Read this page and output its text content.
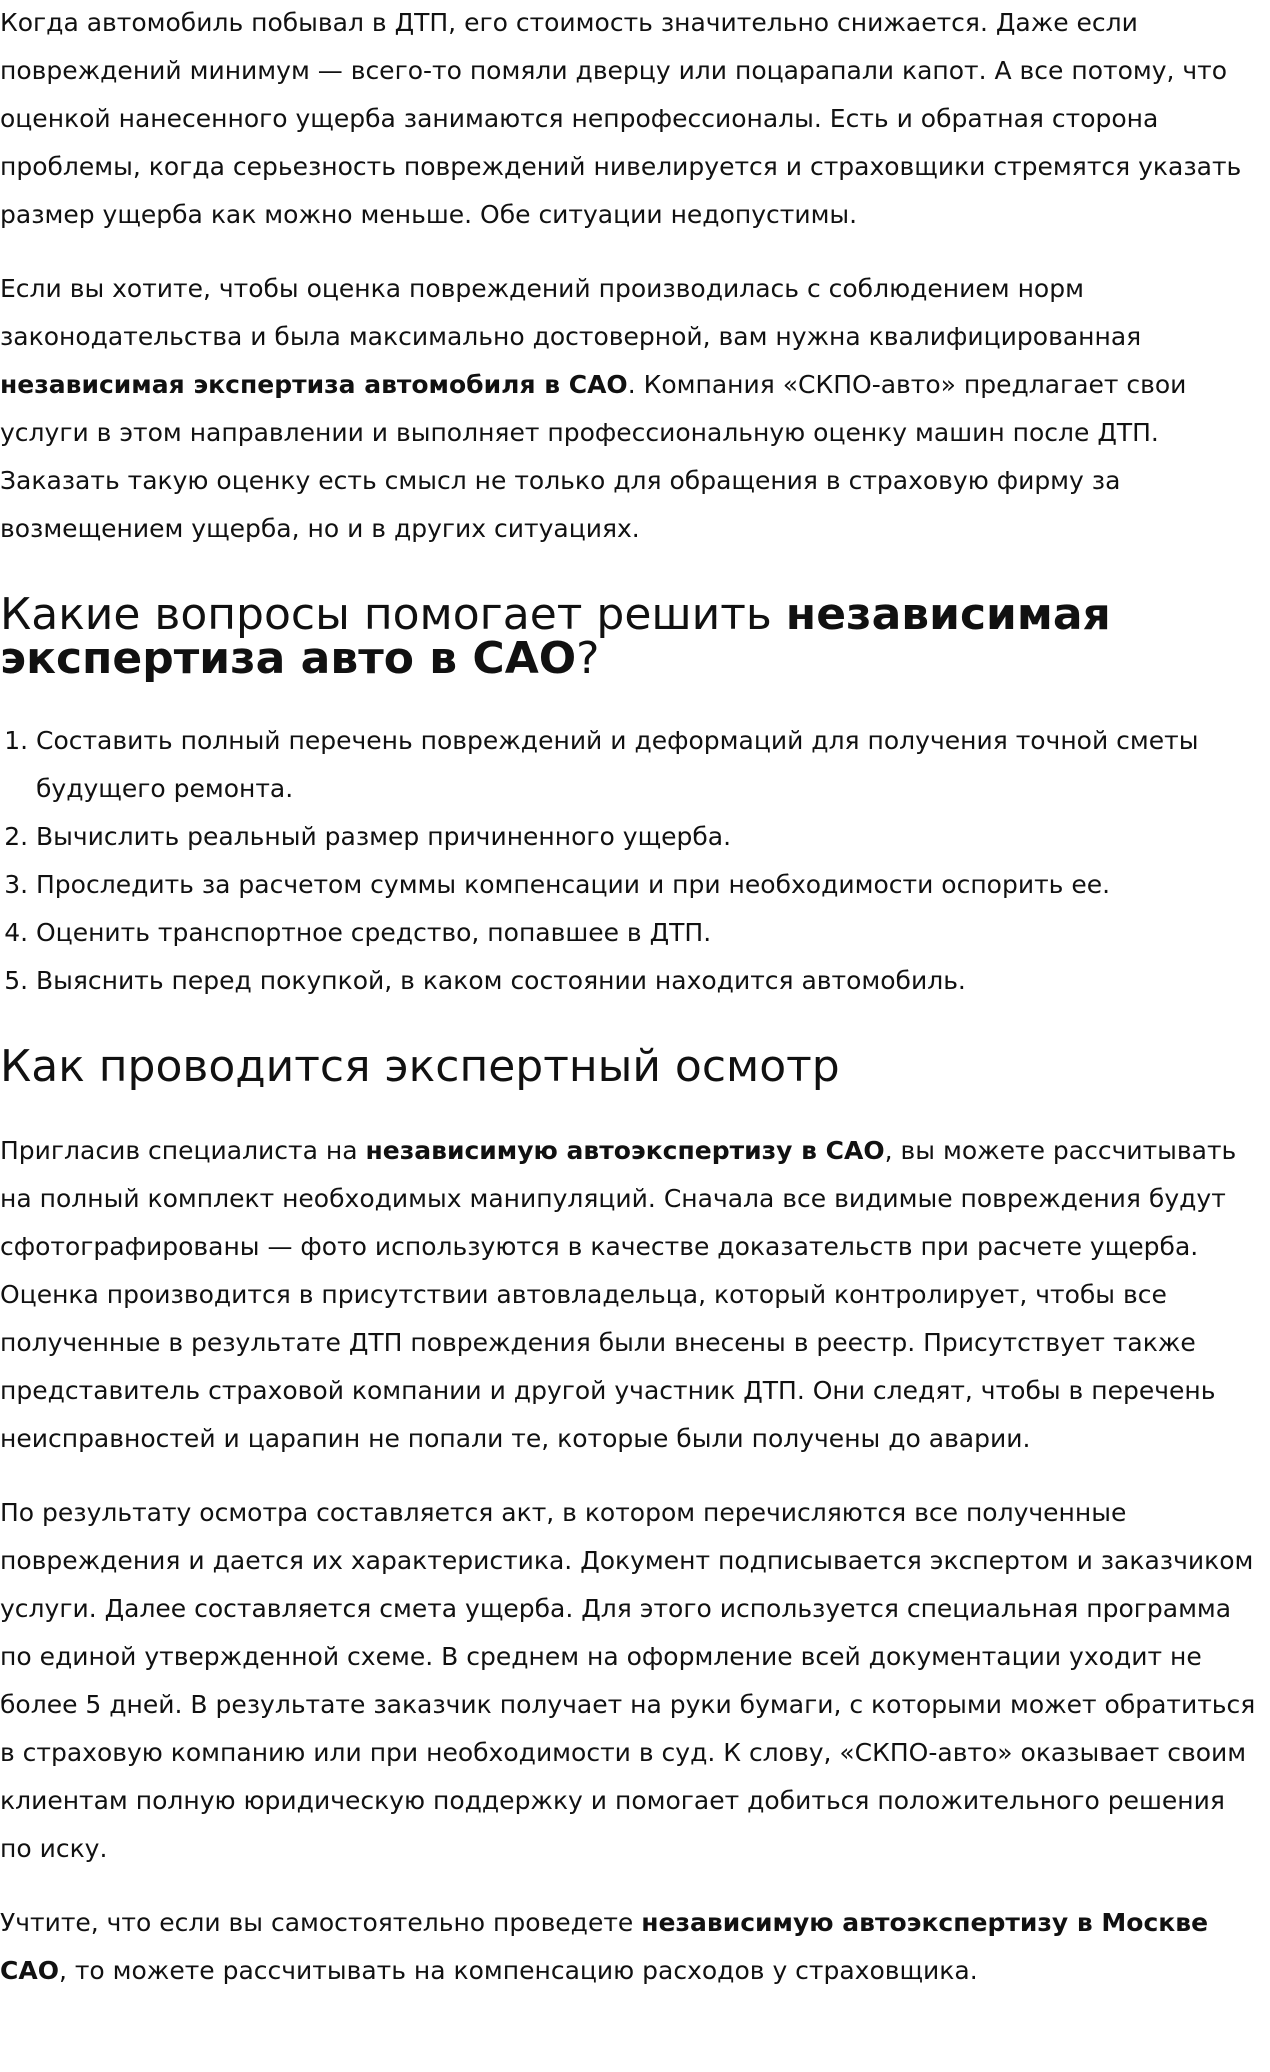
Когда автомобиль побывал в ДТП, его стоимость значительно снижается. Даже если повреждений минимум — всего-то помяли дверцу или поцарапали капот. А все потому, что оценкой нанесенного ущерба занимаются непрофессионалы. Есть и обратная сторона проблемы, когда серьезность повреждений нивелируется и страховщики стремятся указать размер ущерба как можно меньше. Обе ситуации недопустимы.

Если вы хотите, чтобы оценка повреждений производилась с соблюдением норм законодательства и была максимально достоверной, вам нужна квалифицированная независимая экспертиза автомобиля в САО. Компания «СКПО-авто» предлагает свои услуги в этом направлении и выполняет профессиональную оценку машин после ДТП. Заказать такую оценку есть смысл не только для обращения в страховую фирму за возмещением ущерба, но и в других ситуациях.

Какие вопросы помогает решить независимая экспертиза авто в САО?
1. Составить полный перечень повреждений и деформаций для получения точной сметы будущего ремонта.
2. Вычислить реальный размер причиненного ущерба.
3. Проследить за расчетом суммы компенсации и при необходимости оспорить ее.
4. Оценить транспортное средство, попавшее в ДТП.
5. Выяснить перед покупкой, в каком состоянии находится автомобиль.
Как проводится экспертный осмотр

Пригласив специалиста на независимую автоэкспертизу в САО, вы можете рассчитывать на полный комплект необходимых манипуляций. Сначала все видимые повреждения будут сфотографированы — фото используются в качестве доказательств при расчете ущерба. Оценка производится в присутствии автовладельца, который контролирует, чтобы все полученные в результате ДТП повреждения были внесены в реестр. Присутствует также представитель страховой компании и другой участник ДТП. Они следят, чтобы в перечень неисправностей и царапин не попали те, которые были получены до аварии.

По результату осмотра составляется акт, в котором перечисляются все полученные повреждения и дается их характеристика. Документ подписывается экспертом и заказчиком услуги. Далее составляется смета ущерба. Для этого используется специальная программа по единой утвержденной схеме. В среднем на оформление всей документации уходит не более 5 дней. В результате заказчик получает на руки бумаги, с которыми может обратиться в страховую компанию или при необходимости в суд. К слову, «СКПО-авто» оказывает своим клиентам полную юридическую поддержку и помогает добиться положительного решения по иску.

Учтите, что если вы самостоятельно проведете независимую автоэкспертизу в Москве САО, то можете рассчитывать на компенсацию расходов у страховщика.
